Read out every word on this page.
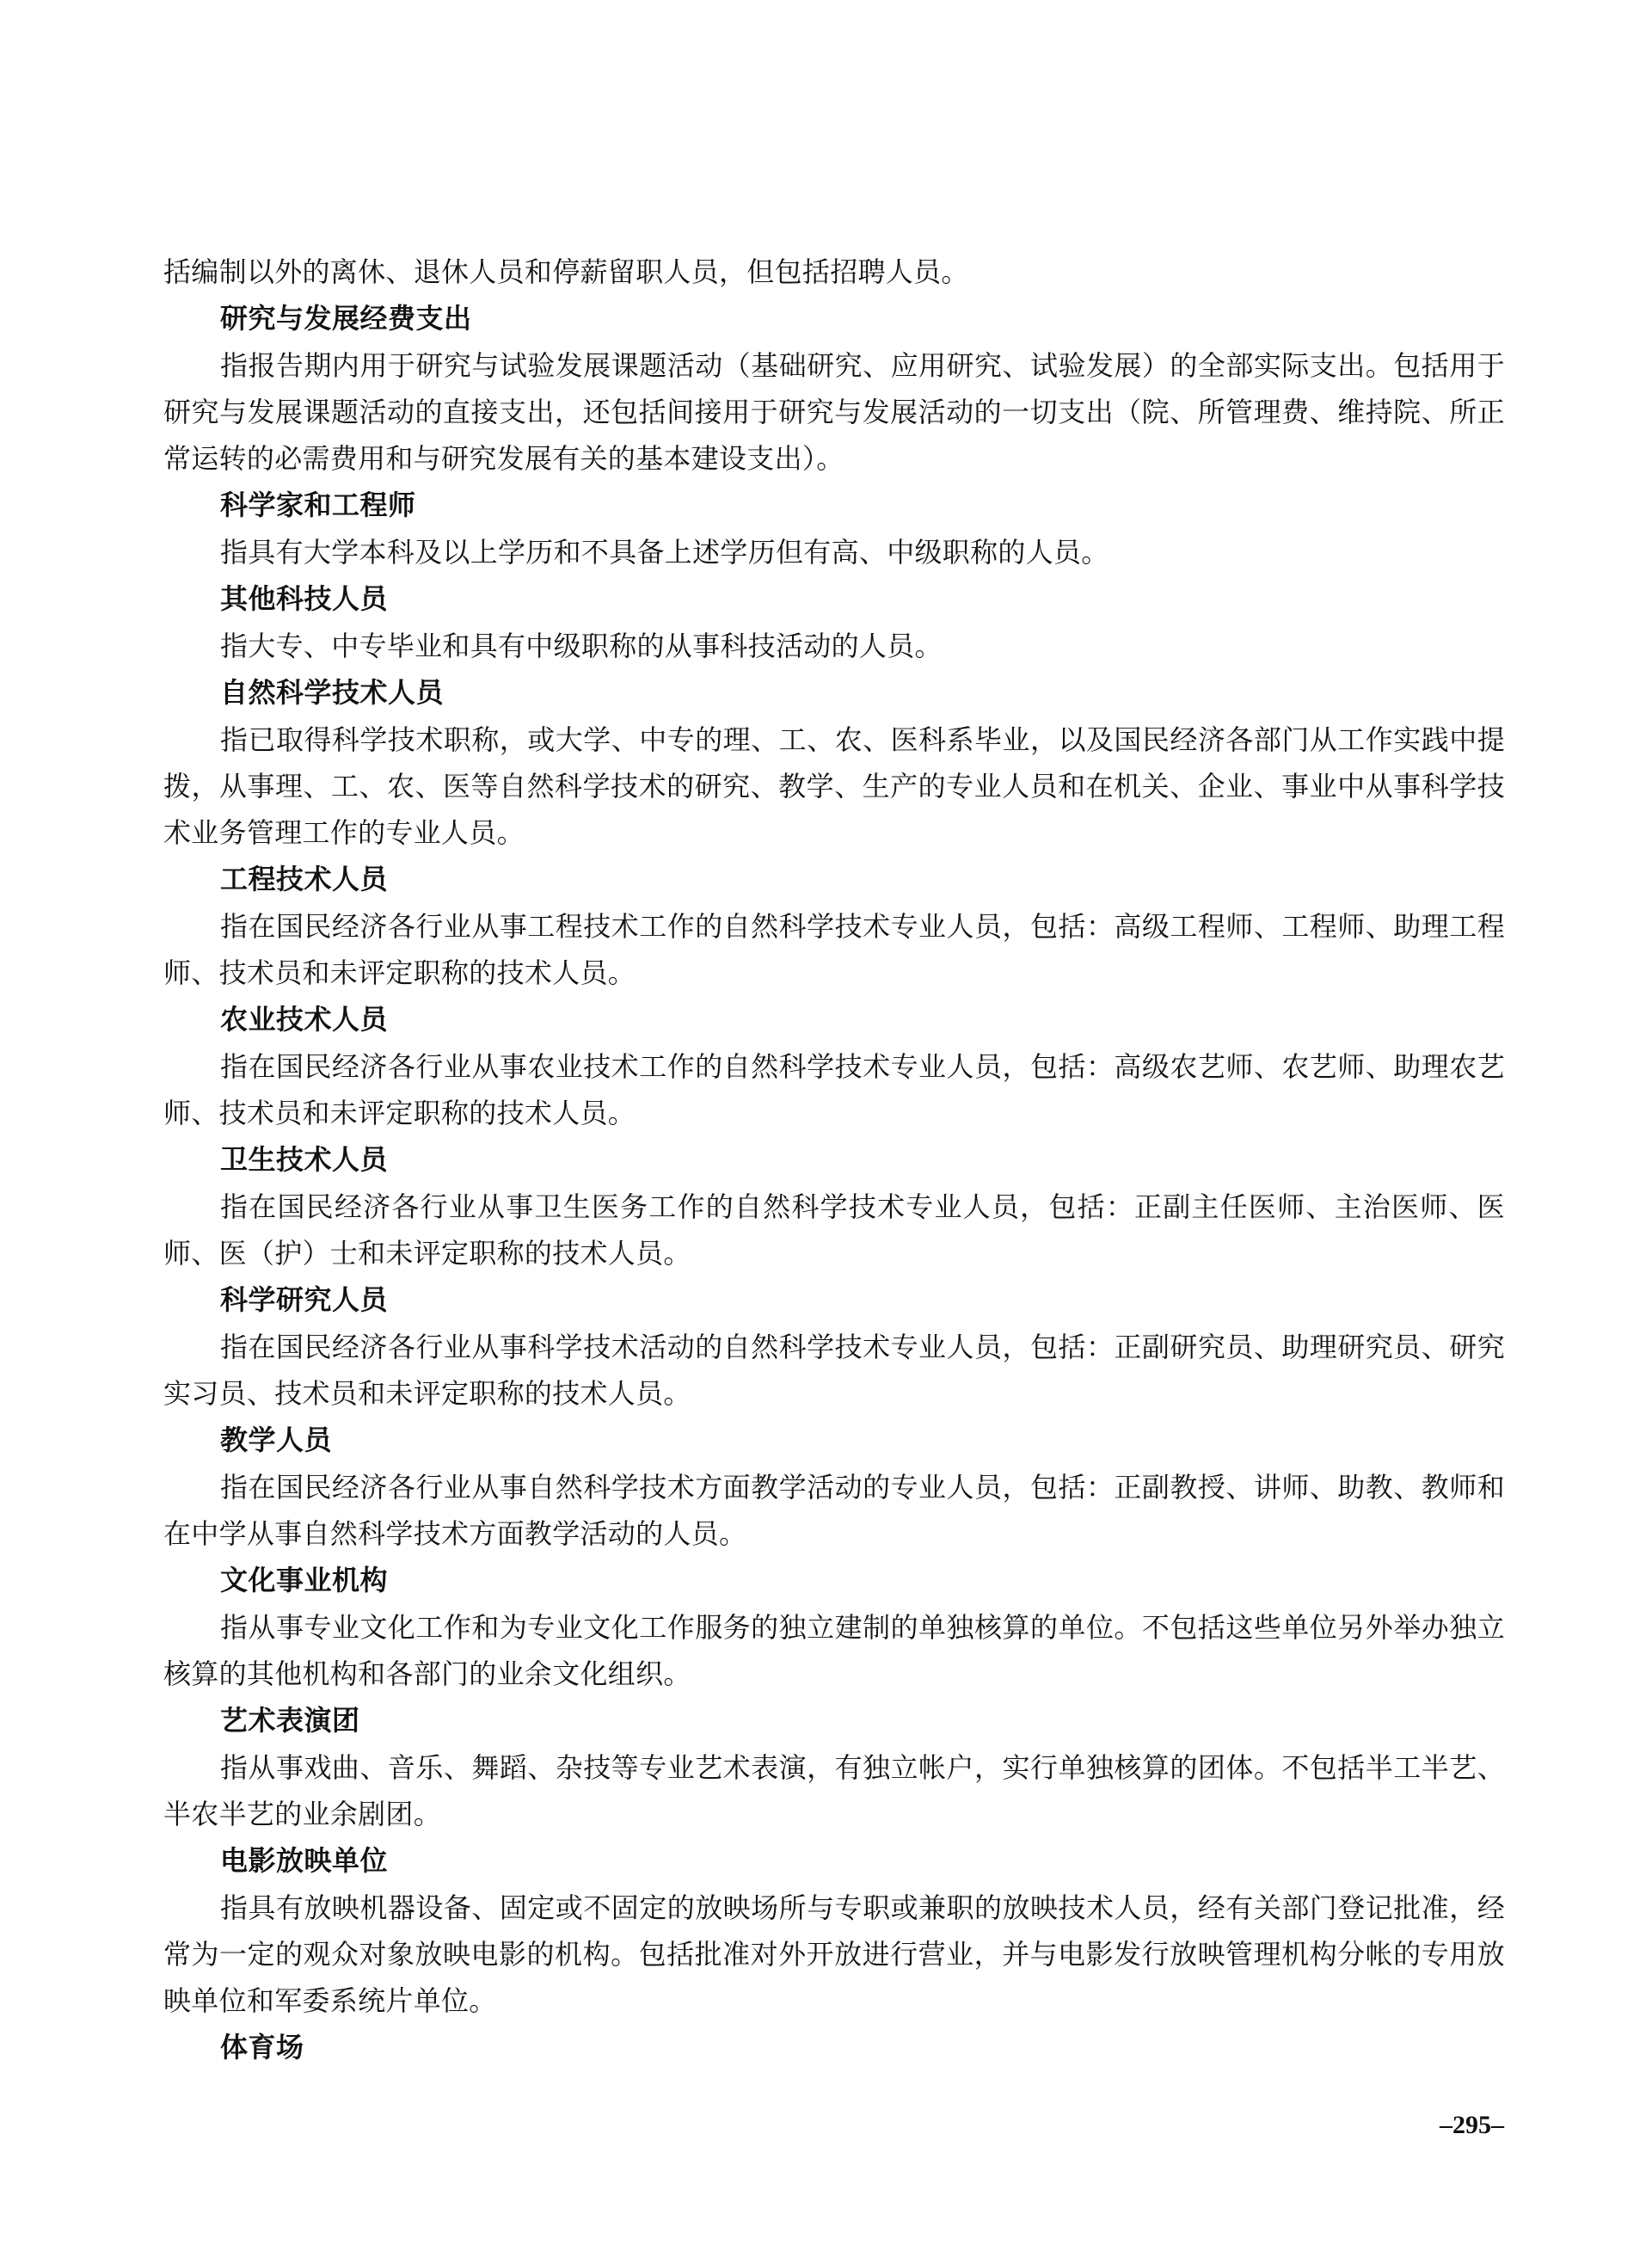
括编制以外的离休、退休人员和停薪留职人员，但包括招聘人员。

研究与发展经费支出

指报告期内用于研究与试验发展课题活动（基础研究、应用研究、试验发展）的全部实际支出。包括用于研究与发展课题活动的直接支出，还包括间接用于研究与发展活动的一切支出（院、所管理费、维持院、所正常运转的必需费用和与研究发展有关的基本建设支出）。

科学家和工程师

指具有大学本科及以上学历和不具备上述学历但有高、中级职称的人员。

其他科技人员

指大专、中专毕业和具有中级职称的从事科技活动的人员。

自然科学技术人员

指已取得科学技术职称，或大学、中专的理、工、农、医科系毕业，以及国民经济各部门从工作实践中提拨，从事理、工、农、医等自然科学技术的研究、教学、生产的专业人员和在机关、企业、事业中从事科学技术业务管理工作的专业人员。

工程技术人员

指在国民经济各行业从事工程技术工作的自然科学技术专业人员，包括：高级工程师、工程师、助理工程师、技术员和未评定职称的技术人员。

农业技术人员

指在国民经济各行业从事农业技术工作的自然科学技术专业人员，包括：高级农艺师、农艺师、助理农艺师、技术员和未评定职称的技术人员。

卫生技术人员

指在国民经济各行业从事卫生医务工作的自然科学技术专业人员，包括：正副主任医师、主治医师、医师、医（护）士和未评定职称的技术人员。

科学研究人员

指在国民经济各行业从事科学技术活动的自然科学技术专业人员，包括：正副研究员、助理研究员、研究实习员、技术员和未评定职称的技术人员。

教学人员

指在国民经济各行业从事自然科学技术方面教学活动的专业人员，包括：正副教授、讲师、助教、教师和在中学从事自然科学技术方面教学活动的人员。

文化事业机构

指从事专业文化工作和为专业文化工作服务的独立建制的单独核算的单位。不包括这些单位另外举办独立核算的其他机构和各部门的业余文化组织。

艺术表演团

指从事戏曲、音乐、舞蹈、杂技等专业艺术表演，有独立帐户，实行单独核算的团体。不包括半工半艺、半农半艺的业余剧团。

电影放映单位

指具有放映机器设备、固定或不固定的放映场所与专职或兼职的放映技术人员，经有关部门登记批准，经常为一定的观众对象放映电影的机构。包括批准对外开放进行营业，并与电影发行放映管理机构分帐的专用放映单位和军委系统片单位。

体育场

–295–
